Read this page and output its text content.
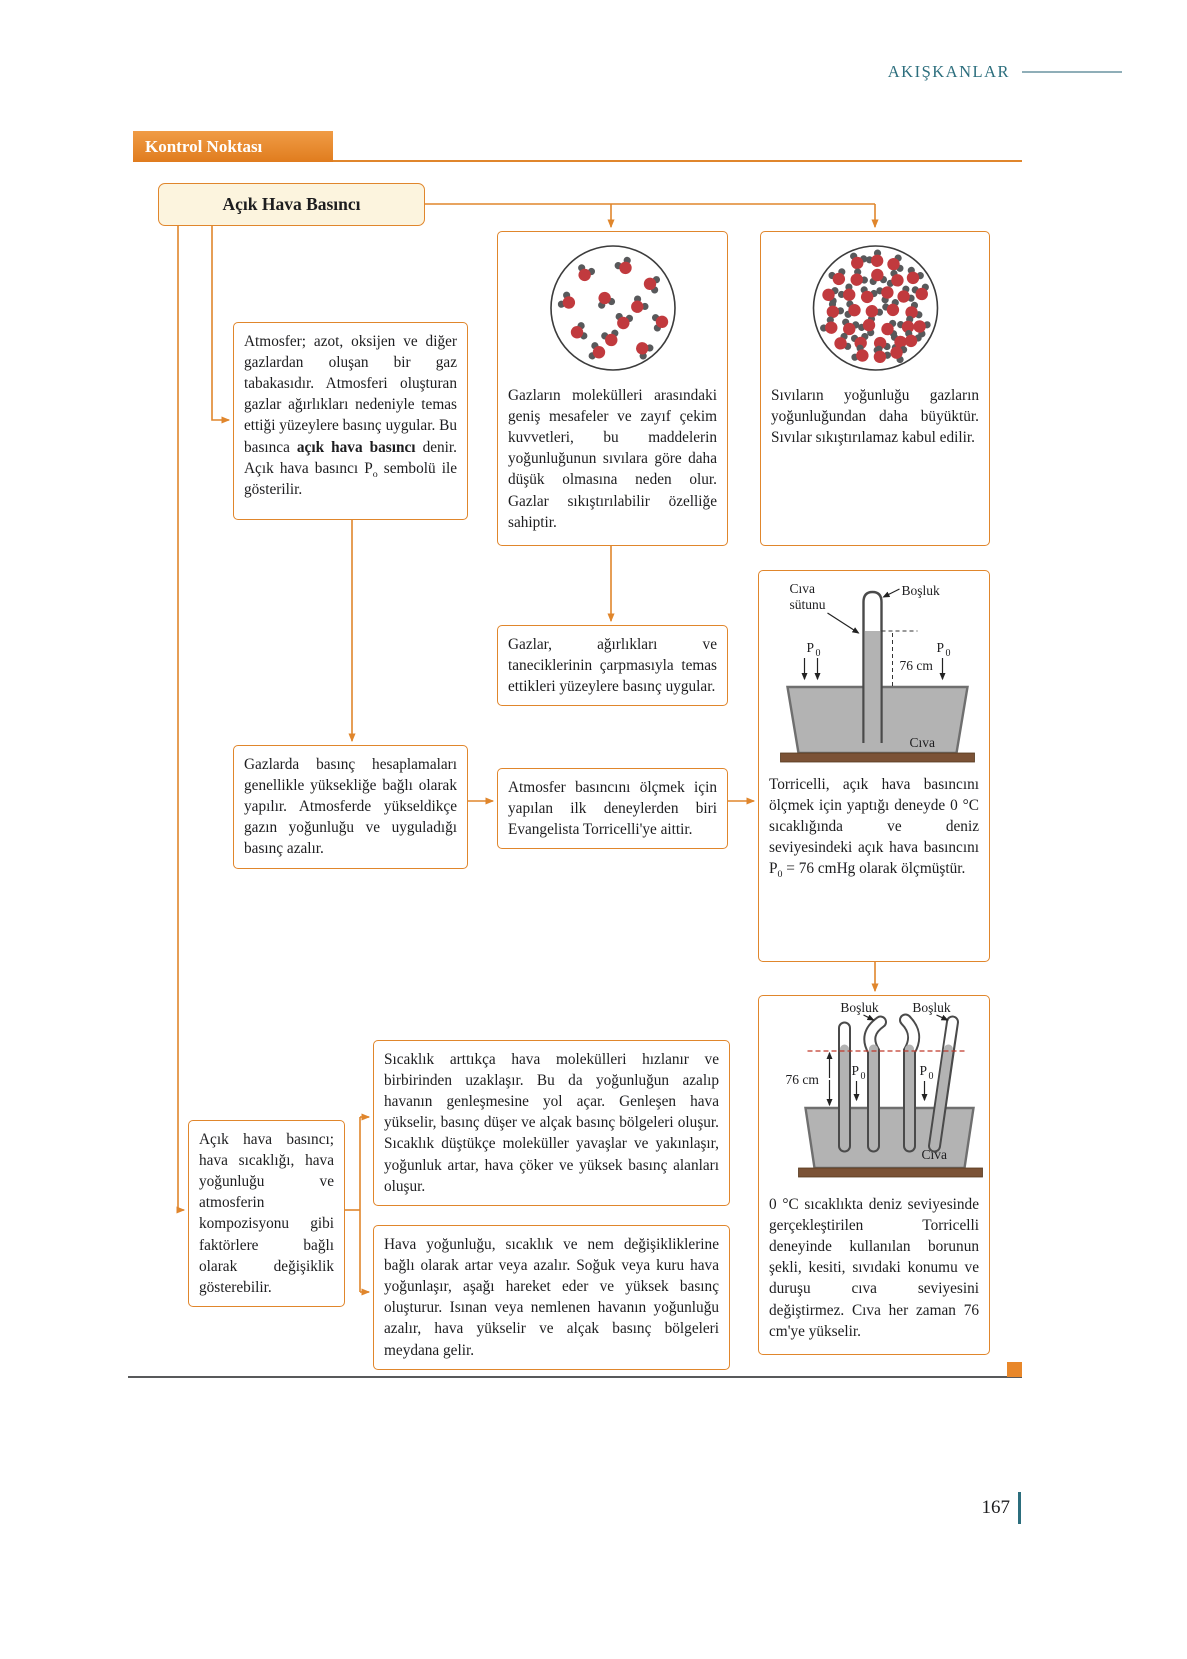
AKIŞKANLAR
Kontrol Noktası
Açık Hava Basıncı

Atmosfer; azot, oksijen ve diğer gazlardan oluşan bir gaz tabakasıdır. Atmosferi oluşturan gazlar ağırlıkları nedeniyle temas ettiği yüzeylere basınç uygular. Bu basınca açık hava basıncı denir. Açık hava basıncı $P_o$ sembolü ile gösterilir.

Gazların molekülleri arasındaki geniş mesafeler ve zayıf çekim kuvvetleri, bu maddelerin yoğunluğunun sıvılara göre daha düşük olmasına neden olur. Gazlar sıkıştırılabilir özelliğe sahiptir.

Sıvıların yoğunluğu gazların yoğunluğundan daha büyüktür. Sıvılar sıkıştırılamaz kabul edilir.

Gazlar, ağırlıkları ve taneciklerinin çarpmasıyla temas ettikleri yüzeylere basınç uygular.

Gazlarda basınç hesaplamaları genellikle yüksekliğe bağlı olarak yapılır. Atmosferde yükseldikçe gazın yoğunluğu ve uyguladığı basınç azalır.

Atmosfer basıncını ölçmek için yapılan ilk deneylerden biri Evangelista Torricelli'ye aittir.

Cıva
sütunu
Boşluk
76 cm
P 0	P 0
Cıva

Torricelli, açık hava basıncını ölçmek için yaptığı deneyde 0 °C sıcaklığında ve deniz seviyesindeki açık hava basıncını $P_0 = 76$ cmHg olarak ölçmüştür.

Boşluk Boşluk
76 cm
P 0	P 0
Cıva

0 °C sıcaklıkta deniz seviyesinde gerçekleştirilen Torricelli deneyinde kullanılan borunun şekli, kesiti, sıvıdaki konumu ve duruşu cıva seviyesini değiştirmez. Cıva her zaman 76 cm'ye yükselir.

Açık hava basıncı; hava sıcaklığı, hava yoğunluğu ve atmosferin kompozisyonu gibi faktörlere bağlı olarak değişiklik gösterebilir.

Sıcaklık arttıkça hava molekülleri hızlanır ve birbirinden uzaklaşır. Bu da yoğunluğun azalıp havanın genleşmesine yol açar. Genleşen hava yükselir, basınç düşer ve alçak basınç bölgeleri oluşur. Sıcaklık düştükçe moleküller yavaşlar ve yakınlaşır, yoğunluk artar, hava çöker ve yüksek basınç alanları oluşur.

Hava yoğunluğu, sıcaklık ve nem değişikliklerine bağlı olarak artar veya azalır. Soğuk veya kuru hava yoğunlaşır, aşağı hareket eder ve yüksek basınç oluşturur. Isınan veya nemlenen havanın yoğunluğu azalır, hava yükselir ve alçak basınç bölgeleri meydana gelir.

167
